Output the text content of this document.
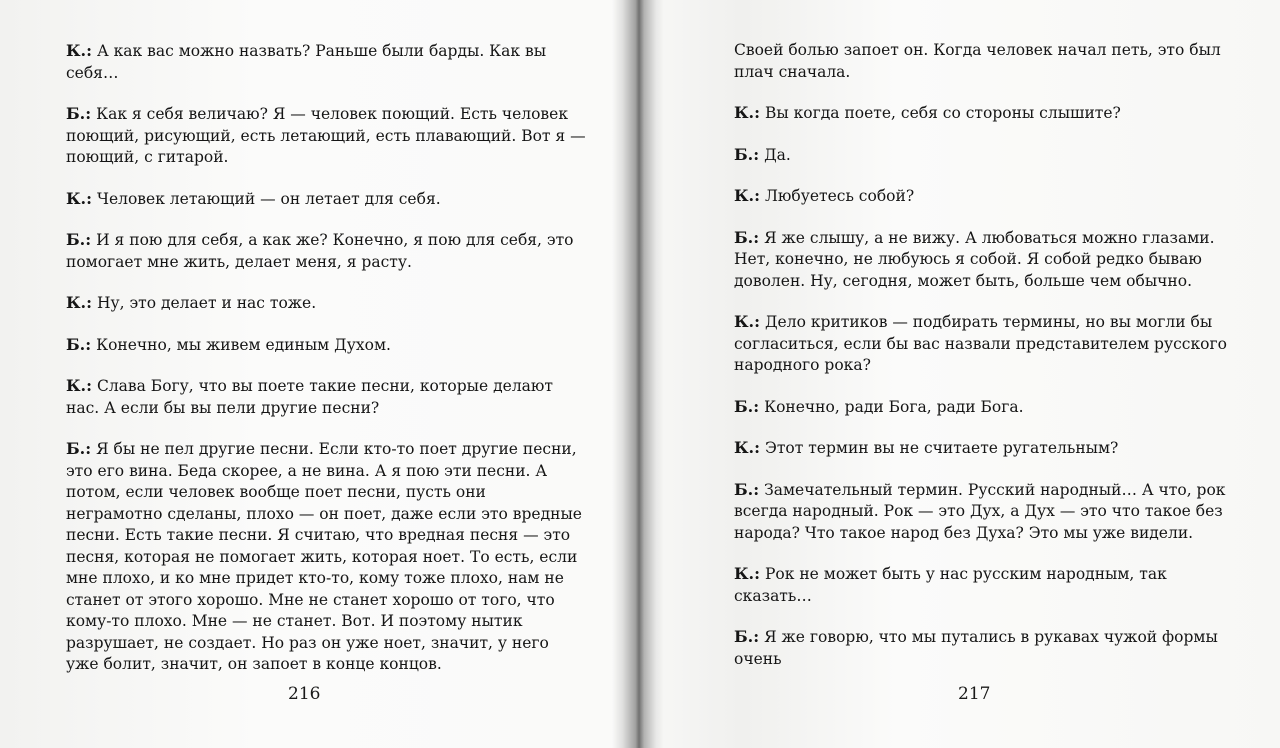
К.: А как вас можно назвать? Раньше были барды. Как вы себя…

Б.: Как я себя величаю? Я — человек поющий. Есть человек поющий, рисующий, есть летающий, есть плавающий. Вот я — поющий, с гитарой.

К.: Человек летающий — он летает для себя.

Б.: И я пою для себя, а как же? Конечно, я пою для себя, это помогает мне жить, делает меня, я расту.

К.: Ну, это делает и нас тоже.

Б.: Конечно, мы живем единым Духом.

К.: Слава Богу, что вы поете такие песни, которые делают нас. А если бы вы пели другие песни?

Б.: Я бы не пел другие песни. Если кто-то поет другие песни, это его вина. Беда скорее, а не вина. А я пою эти песни. А потом, если человек вообще поет песни, пусть они неграмотно сделаны, плохо — он поет, даже если это вредные песни. Есть такие песни. Я считаю, что вредная песня — это песня, которая не помогает жить, которая ноет. То есть, если мне плохо, и ко мне придет кто-то, кому тоже плохо, нам не станет от этого хорошо. Мне не станет хорошо от того, что кому-то плохо. Мне — не станет. Вот. И поэтому нытик разрушает, не создает. Но раз он уже ноет, значит, у него уже болит, значит, он запоет в конце концов.

Своей болью запоет он. Когда человек начал петь, это был плач сначала.

К.: Вы когда поете, себя со стороны слышите?

Б.: Да.

К.: Любуетесь собой?

Б.: Я же слышу, а не вижу. А любоваться можно глазами. Нет, конечно, не любуюсь я собой. Я собой редко бываю доволен. Ну, сегодня, может быть, больше чем обычно.

К.: Дело критиков — подбирать термины, но вы могли бы согласиться, если бы вас назвали представителем русского народного рока?

Б.: Конечно, ради Бога, ради Бога.

К.: Этот термин вы не считаете ругательным?

Б.: Замечательный термин. Русский народный… А что, рок всегда народный. Рок — это Дух, а Дух — это что такое без народа? Что такое народ без Духа? Это мы уже видели.

К.: Рок не может быть у нас русским народным, так сказать…

Б.: Я же говорю, что мы путались в рукавах чужой формы очень

216	217
